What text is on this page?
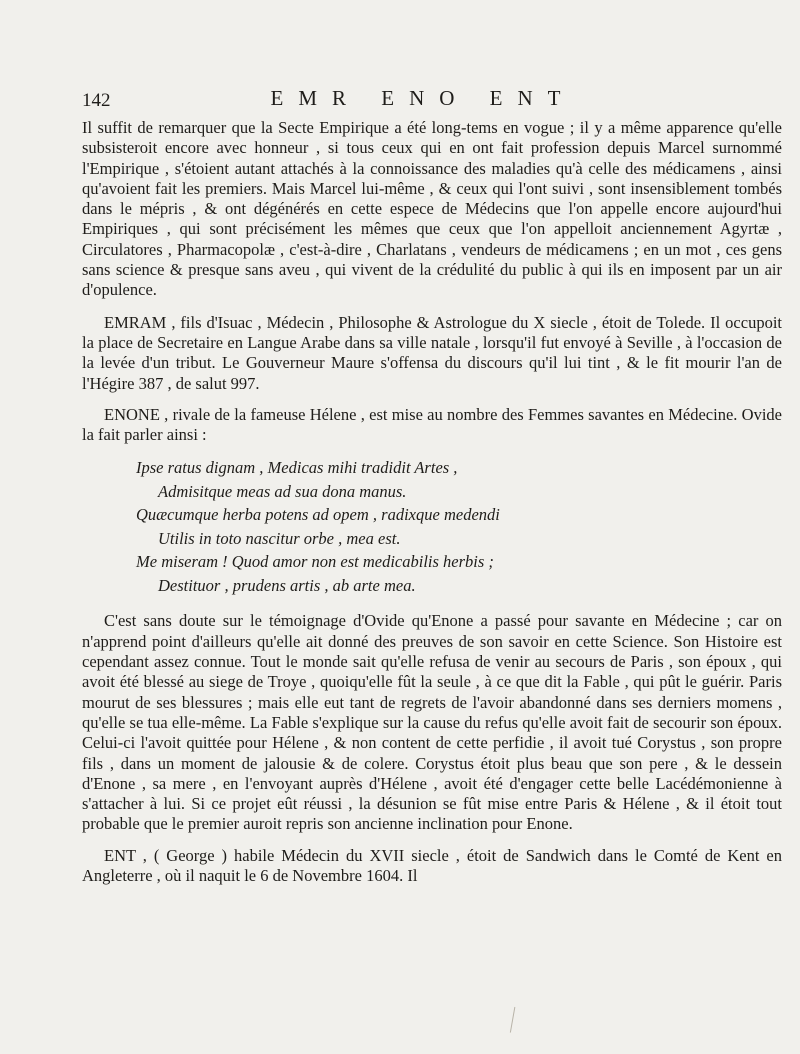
142	EMR ENO ENT

Il suffit de remarquer que la Secte Empirique a été long-tems en vogue ; il y a même apparence qu'elle subsisteroit encore avec honneur , si tous ceux qui en ont fait profession depuis Marcel surnommé l'Empirique , s'étoient autant attachés à la connoissance des maladies qu'à celle des médicamens , ainsi qu'avoient fait les premiers. Mais Marcel lui-même , & ceux qui l'ont suivi , sont insensiblement tombés dans le mépris , & ont dégénérés en cette espece de Médecins que l'on appelle encore aujourd'hui Empiriques , qui sont précisément les mêmes que ceux que l'on appelloit anciennement Agyrtæ , Circulatores , Pharmacopolæ , c'est-à-dire , Charlatans , vendeurs de médicamens ; en un mot , ces gens sans science & presque sans aveu , qui vivent de la crédulité du public à qui ils en imposent par un air d'opulence.

EMRAM , fils d'Isuac , Médecin , Philosophe & Astrologue du X siecle , étoit de Tolede. Il occupoit la place de Secretaire en Langue Arabe dans sa ville natale , lorsqu'il fut envoyé à Seville , à l'occasion de la levée d'un tribut. Le Gouverneur Maure s'offensa du discours qu'il lui tint , & le fit mourir l'an de l'Hégire 387 , de salut 997.

ENONE , rivale de la fameuse Hélene , est mise au nombre des Femmes savantes en Médecine. Ovide la fait parler ainsi :

Ipse ratus dignam , Medicas mihi tradidit Artes ,
Admisitque meas ad sua dona manus.
Quæcumque herba potens ad opem , radixque medendi
Utilis in toto nascitur orbe , mea est.
Me miseram ! Quod amor non est medicabilis herbis ;
Destituor , prudens artis , ab arte mea.

C'est sans doute sur le témoignage d'Ovide qu'Enone a passé pour savante en Médecine ; car on n'apprend point d'ailleurs qu'elle ait donné des preuves de son savoir en cette Science. Son Histoire est cependant assez connue. Tout le monde sait qu'elle refusa de venir au secours de Paris , son époux , qui avoit été blessé au siege de Troye , quoiqu'elle fût la seule , à ce que dit la Fable , qui pût le guérir. Paris mourut de ses blessures ; mais elle eut tant de regrets de l'avoir abandonné dans ses derniers momens , qu'elle se tua elle-même. La Fable s'explique sur la cause du refus qu'elle avoit fait de secourir son époux. Celui-ci l'avoit quittée pour Hélene , & non content de cette perfidie , il avoit tué Corystus , son propre fils , dans un moment de jalousie & de colere. Corystus étoit plus beau que son pere , & le dessein d'Enone , sa mere , en l'envoyant auprès d'Hélene , avoit été d'engager cette belle Lacédémonienne à s'attacher à lui. Si ce projet eût réussi , la désunion se fût mise entre Paris & Hélene , & il étoit tout probable que le premier auroit repris son ancienne inclination pour Enone.

ENT , ( George ) habile Médecin du XVII siecle , étoit de Sandwich dans le Comté de Kent en Angleterre , où il naquit le 6 de Novembre 1604. Il
